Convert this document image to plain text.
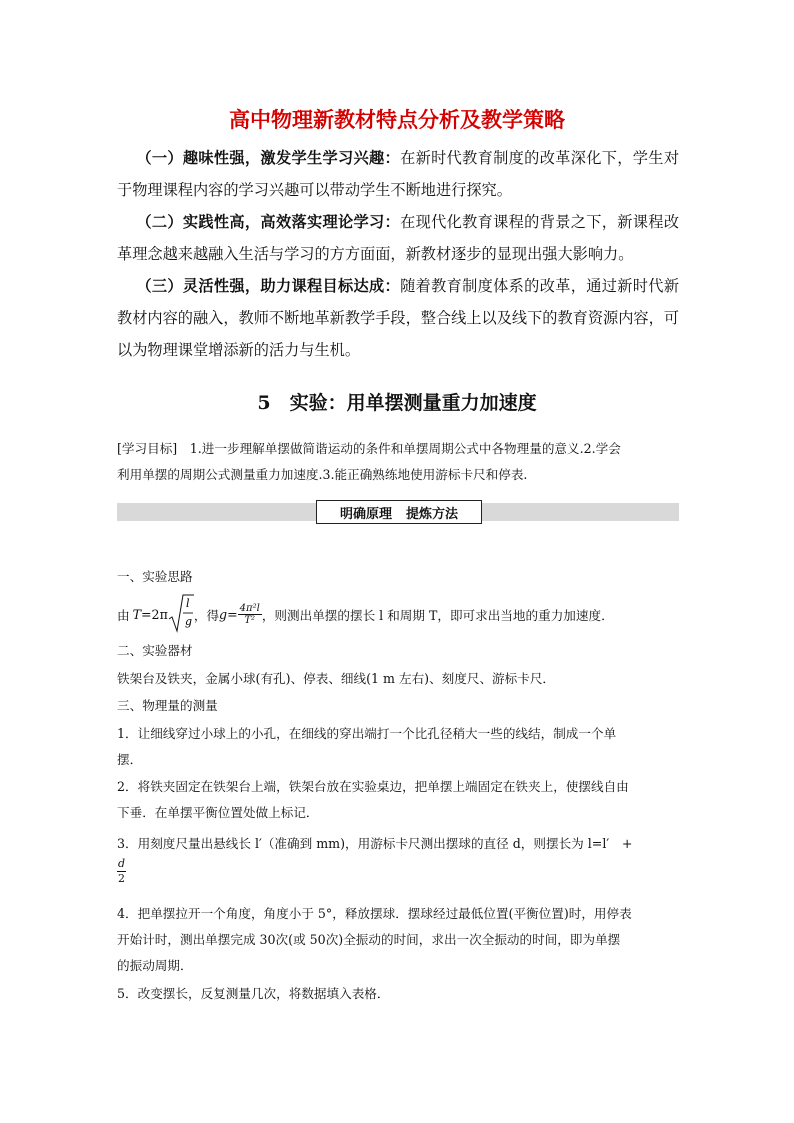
高中物理新教材特点分析及教学策略
（一）趣味性强，激发学生学习兴趣：在新时代教育制度的改革深化下，学生对于物理课程内容的学习兴趣可以带动学生不断地进行探究。
（二）实践性高，高效落实理论学习：在现代化教育课程的背景之下，新课程改革理念越来越融入生活与学习的方方面面，新教材逐步的显现出强大影响力。
（三）灵活性强，助力课程目标达成：随着教育制度体系的改革，通过新时代新教材内容的融入，教师不断地革新教学手段，整合线上以及线下的教育资源内容，可以为物理课堂增添新的活力与生机。
5　实验：用单摆测量重力加速度
[学习目标]　1.进一步理解单摆做简谐运动的条件和单摆周期公式中各物理量的意义.2.学会
利用单摆的周期公式测量重力加速度.3.能正确熟练地使用游标卡尺和停表.
明确原理 提炼方法
一、实验思路
由 T =2π
l
g ，得 $g = \frac{\text{4π²l}}{\text{T²}}$ ，则测出单摆的摆长 l 和周期 T，即可求出当地的重力加速度．
二、实验器材
铁架台及铁夹，金属小球(有孔)、停表、细线(1 m 左右)、刻度尺、游标卡尺．
三、物理量的测量
1．让细线穿过小球上的小孔，在细线的穿出端打一个比孔径稍大一些的线结，制成一个单
摆．
2．将铁夹固定在铁架台上端，铁架台放在实验桌边，把单摆上端固定在铁夹上，使摆线自由
下垂．在单摆平衡位置处做上标记．
3．用刻度尺量出悬线长 l′（准确到 mm)，用游标卡尺测出摆球的直径 d，则摆长为 l=l′　+
$\frac{d}{2}$
4．把单摆拉开一个角度，角度小于 5°，释放摆球．摆球经过最低位置(平衡位置)时，用停表
开始计时，测出单摆完成 30次(或 50次)全振动的时间，求出一次全振动的时间，即为单摆
的振动周期．
5．改变摆长，反复测量几次，将数据填入表格．
